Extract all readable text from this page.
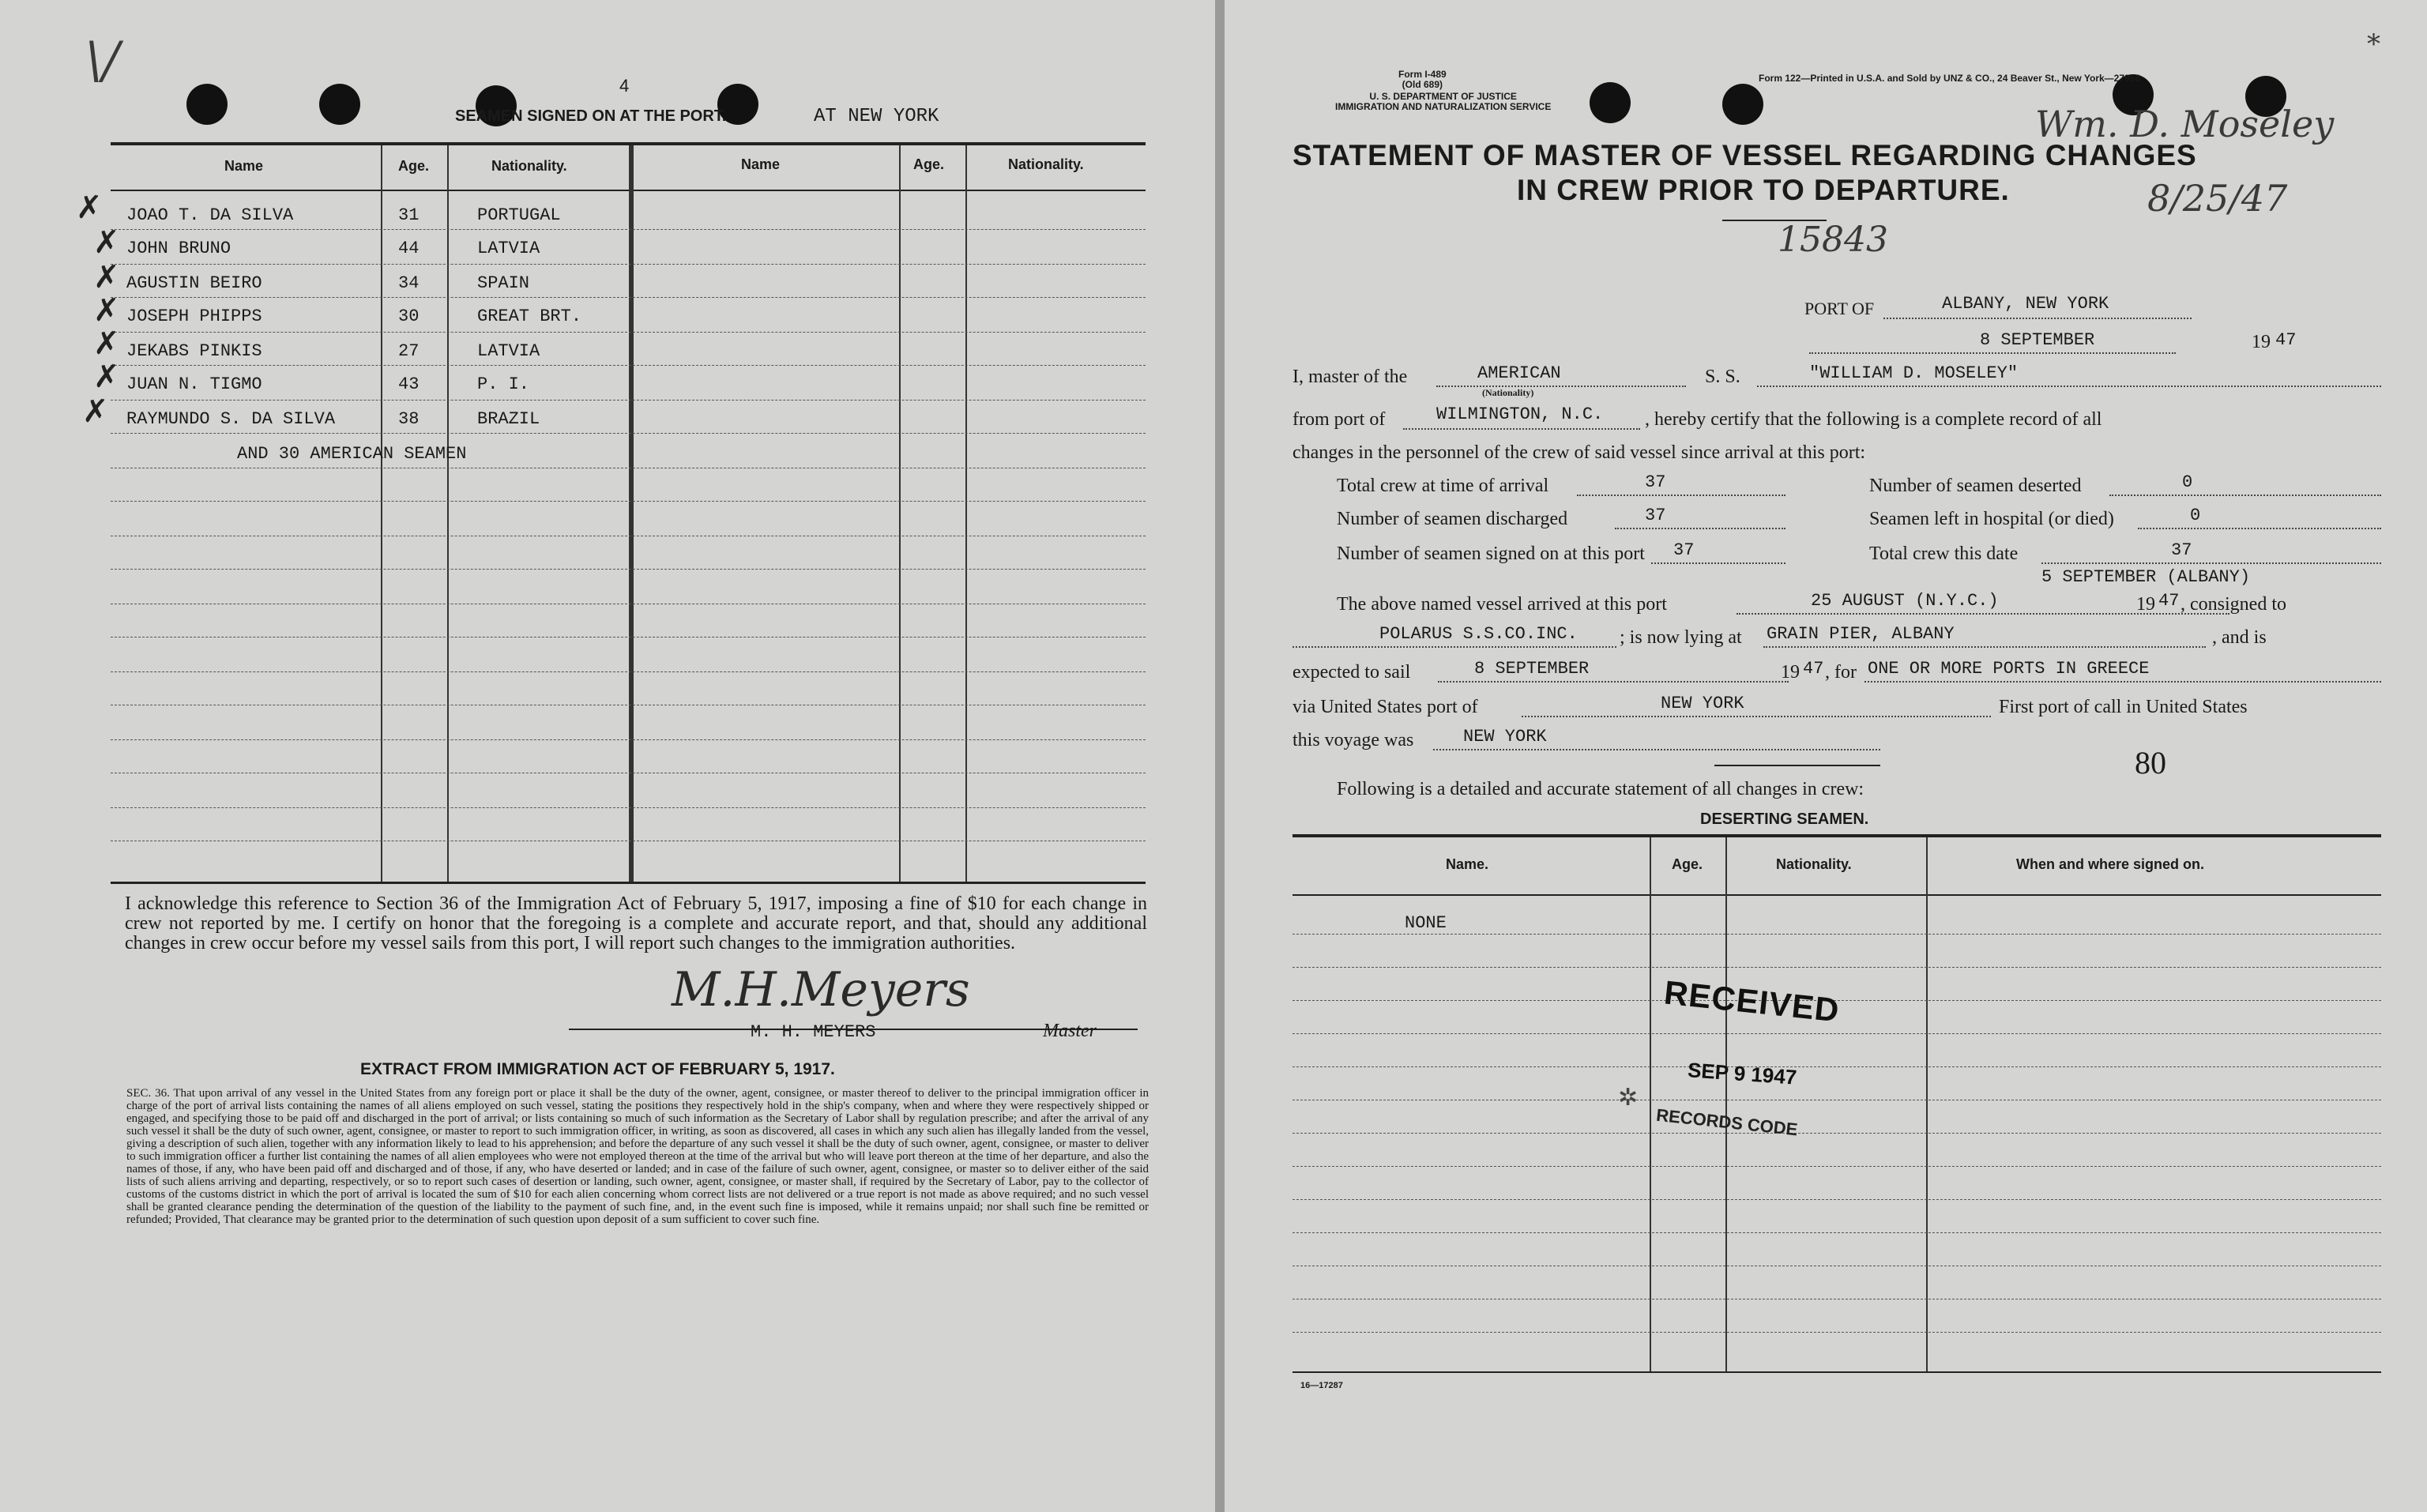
\/	4
SEAMEN SIGNED ON AT THE PORT.	AT NEW YORK
Name	Age.	Nationality.	Name	Age.	Nationality.
✗ JOAO T. DA SILVA	31	PORTUGAL
✗ JOHN BRUNO	44	LATVIA
✗ AGUSTIN BEIRO	34	SPAIN
✗ JOSEPH PHIPPS	30	GREAT BRT.
✗ JEKABS PINKIS	27	LATVIA
✗ JUAN N. TIGMO	43	P. I.
✗ RAYMUNDO S. DA SILVA	38	BRAZIL
AND 30 AMERICAN SEAMEN
I acknowledge this reference to Section 36 of the Immigration Act of February 5, 1917, imposing a fine of $10 for each change in crew not reported by me. I certify on honor that the foregoing is a complete and accurate report, and that, should any additional changes in crew occur before my vessel sails from this port, I will report such changes to the immigration authorities.
M.H.Meyers
M. H. MEYERS	Master
EXTRACT FROM IMMIGRATION ACT OF FEBRUARY 5, 1917.
SEC. 36. That upon arrival of any vessel in the United States from any foreign port or place it shall be the duty of the owner, agent, consignee, or master thereof to deliver to the principal immigration officer in charge of the port of arrival lists containing the names of all aliens employed on such vessel, stating the positions they respectively hold in the ship's company, when and where they were respectively shipped or engaged, and specifying those to be paid off and discharged in the port of arrival; or lists containing so much of such information as the Secretary of Labor shall by regulation prescribe; and after the arrival of any such vessel it shall be the duty of such owner, agent, consignee, or master to report to such immigration officer, in writing, as soon as discovered, all cases in which any such alien has illegally landed from the vessel, giving a description of such alien, together with any information likely to lead to his apprehension; and before the departure of any such vessel it shall be the duty of such owner, agent, consignee, or master to deliver to such immigration officer a further list containing the names of all alien employees who were not employed thereon at the time of the arrival but who will leave port thereon at the time of her departure, and also the names of those, if any, who have been paid off and discharged and of those, if any, who have deserted or landed; and in case of the failure of such owner, agent, consignee, or master so to deliver either of the said lists of such aliens arriving and departing, respectively, or so to report such cases of desertion or landing, such owner, agent, consignee, or master shall, if required by the Secretary of Labor, pay to the collector of customs of the customs district in which the port of arrival is located the sum of $10 for each alien concerning whom correct lists are not delivered or a true report is not made as above required; and no such vessel shall be granted clearance pending the determination of the question of the liability to the payment of such fine, and, in the event such fine is imposed, while it remains unpaid; nor shall such fine be remitted or refunded; Provided, That clearance may be granted prior to the determination of such question upon deposit of a sum sufficient to cover such fine.
Form I-489
(Old 689)
U. S. DEPARTMENT OF JUSTICE
IMMIGRATION AND NATURALIZATION SERVICE
Form 122—Printed in U.S.A. and Sold by UNZ & CO., 24 Beaver St., New York—27958
*
STATEMENT OF MASTER OF VESSEL REGARDING CHANGES
IN CREW PRIOR TO DEPARTURE.
Wm. D. Moseley
8/25/47
15843
PORT OF	ALBANY, NEW YORK
8 SEPTEMBER	19 47
I, master of the	AMERICAN
(Nationality)
S. S.	"WILLIAM D. MOSELEY"
from port of	WILMINGTON, N.C. , hereby certify that the following is a complete record of all
changes in the personnel of the crew of said vessel since arrival at this port:
Total crew at time of arrival	37	Number of seamen deserted	0
Number of seamen discharged	37	Seamen left in hospital (or died)	0
Number of seamen signed on at this port 37	Total crew this date	37
5 SEPTEMBER (ALBANY)
The above named vessel arrived at this port	25 AUGUST (N.Y.C.)	19 47 , consigned to
POLARUS S.S.CO.INC. ; is now lying at GRAIN PIER, ALBANY	, and is
expected to sail	8 SEPTEMBER	19 47 , for ONE OR MORE PORTS IN GREECE
via United States port of	NEW YORK	First port of call in United States
this voyage was	NEW YORK
80
Following is a detailed and accurate statement of all changes in crew:
DESERTING SEAMEN.
Name.	Age.	Nationality.	When and where signed on.
NONE
RECEIVED
SEP 9 1947
RECORDS CODE
✲
16—17287
